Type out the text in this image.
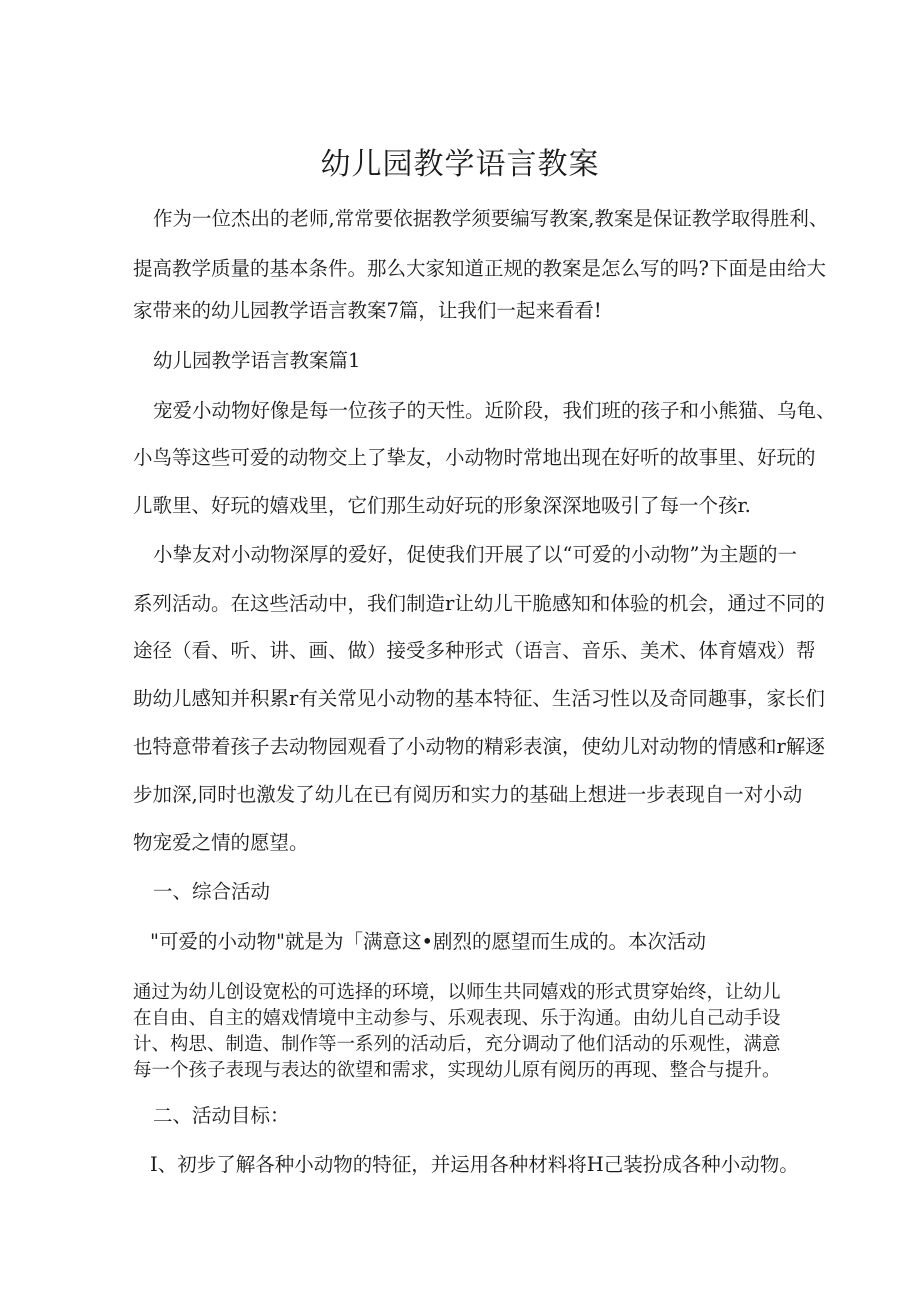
幼儿园教学语言教案
作为一位杰出的老师,常常要依据教学须要编写教案,教案是保证教学取得胜利、
提高教学质量的基本条件。那么大家知道正规的教案是怎么写的吗?下面是由给大
家带来的幼儿园教学语言教案7篇，让我们一起来看看!
幼儿园教学语言教案篇1
宠爱小动物好像是每一位孩子的天性。近阶段，我们班的孩子和小熊猫、乌龟、
小鸟等这些可爱的动物交上了挚友，小动物时常地出现在好听的故事里、好玩的
儿歌里、好玩的嬉戏里，它们那生动好玩的形象深深地吸引了每一个孩r.
小挚友对小动物深厚的爱好，促使我们开展了以“可爱的小动物”为主题的一
系列活动。在这些活动中，我们制造r让幼儿干脆感知和体验的机会，通过不同的
途径（看、听、讲、画、做）接受多种形式（语言、音乐、美术、体育嬉戏）帮
助幼儿感知并积累r有关常见小动物的基本特征、生活习性以及奇同趣事，家长们
也特意带着孩子去动物园观看了小动物的精彩表演，使幼儿对动物的情感和r解逐
步加深,同时也激发了幼儿在已有阅历和实力的基础上想进一步表现自一对小动
物宠爱之情的愿望。
一、综合活动
"可爱的小动物"就是为「满意这•剧烈的愿望而生成的。本次活动
通过为幼儿创设宽松的可选择的环境，以师生共同嬉戏的形式贯穿始终，让幼儿
在自由、自主的嬉戏情境中主动参与、乐观表现、乐于沟通。由幼儿自己动手设
计、构思、制造、制作等一系列的活动后，充分调动了他们活动的乐观性，满意
每一个孩子表现与表达的欲望和需求，实现幼儿原有阅历的再现、整合与提升。
二、活动目标：
I、初步了解各种小动物的特征，并运用各种材料将H己装扮成各种小动物。
